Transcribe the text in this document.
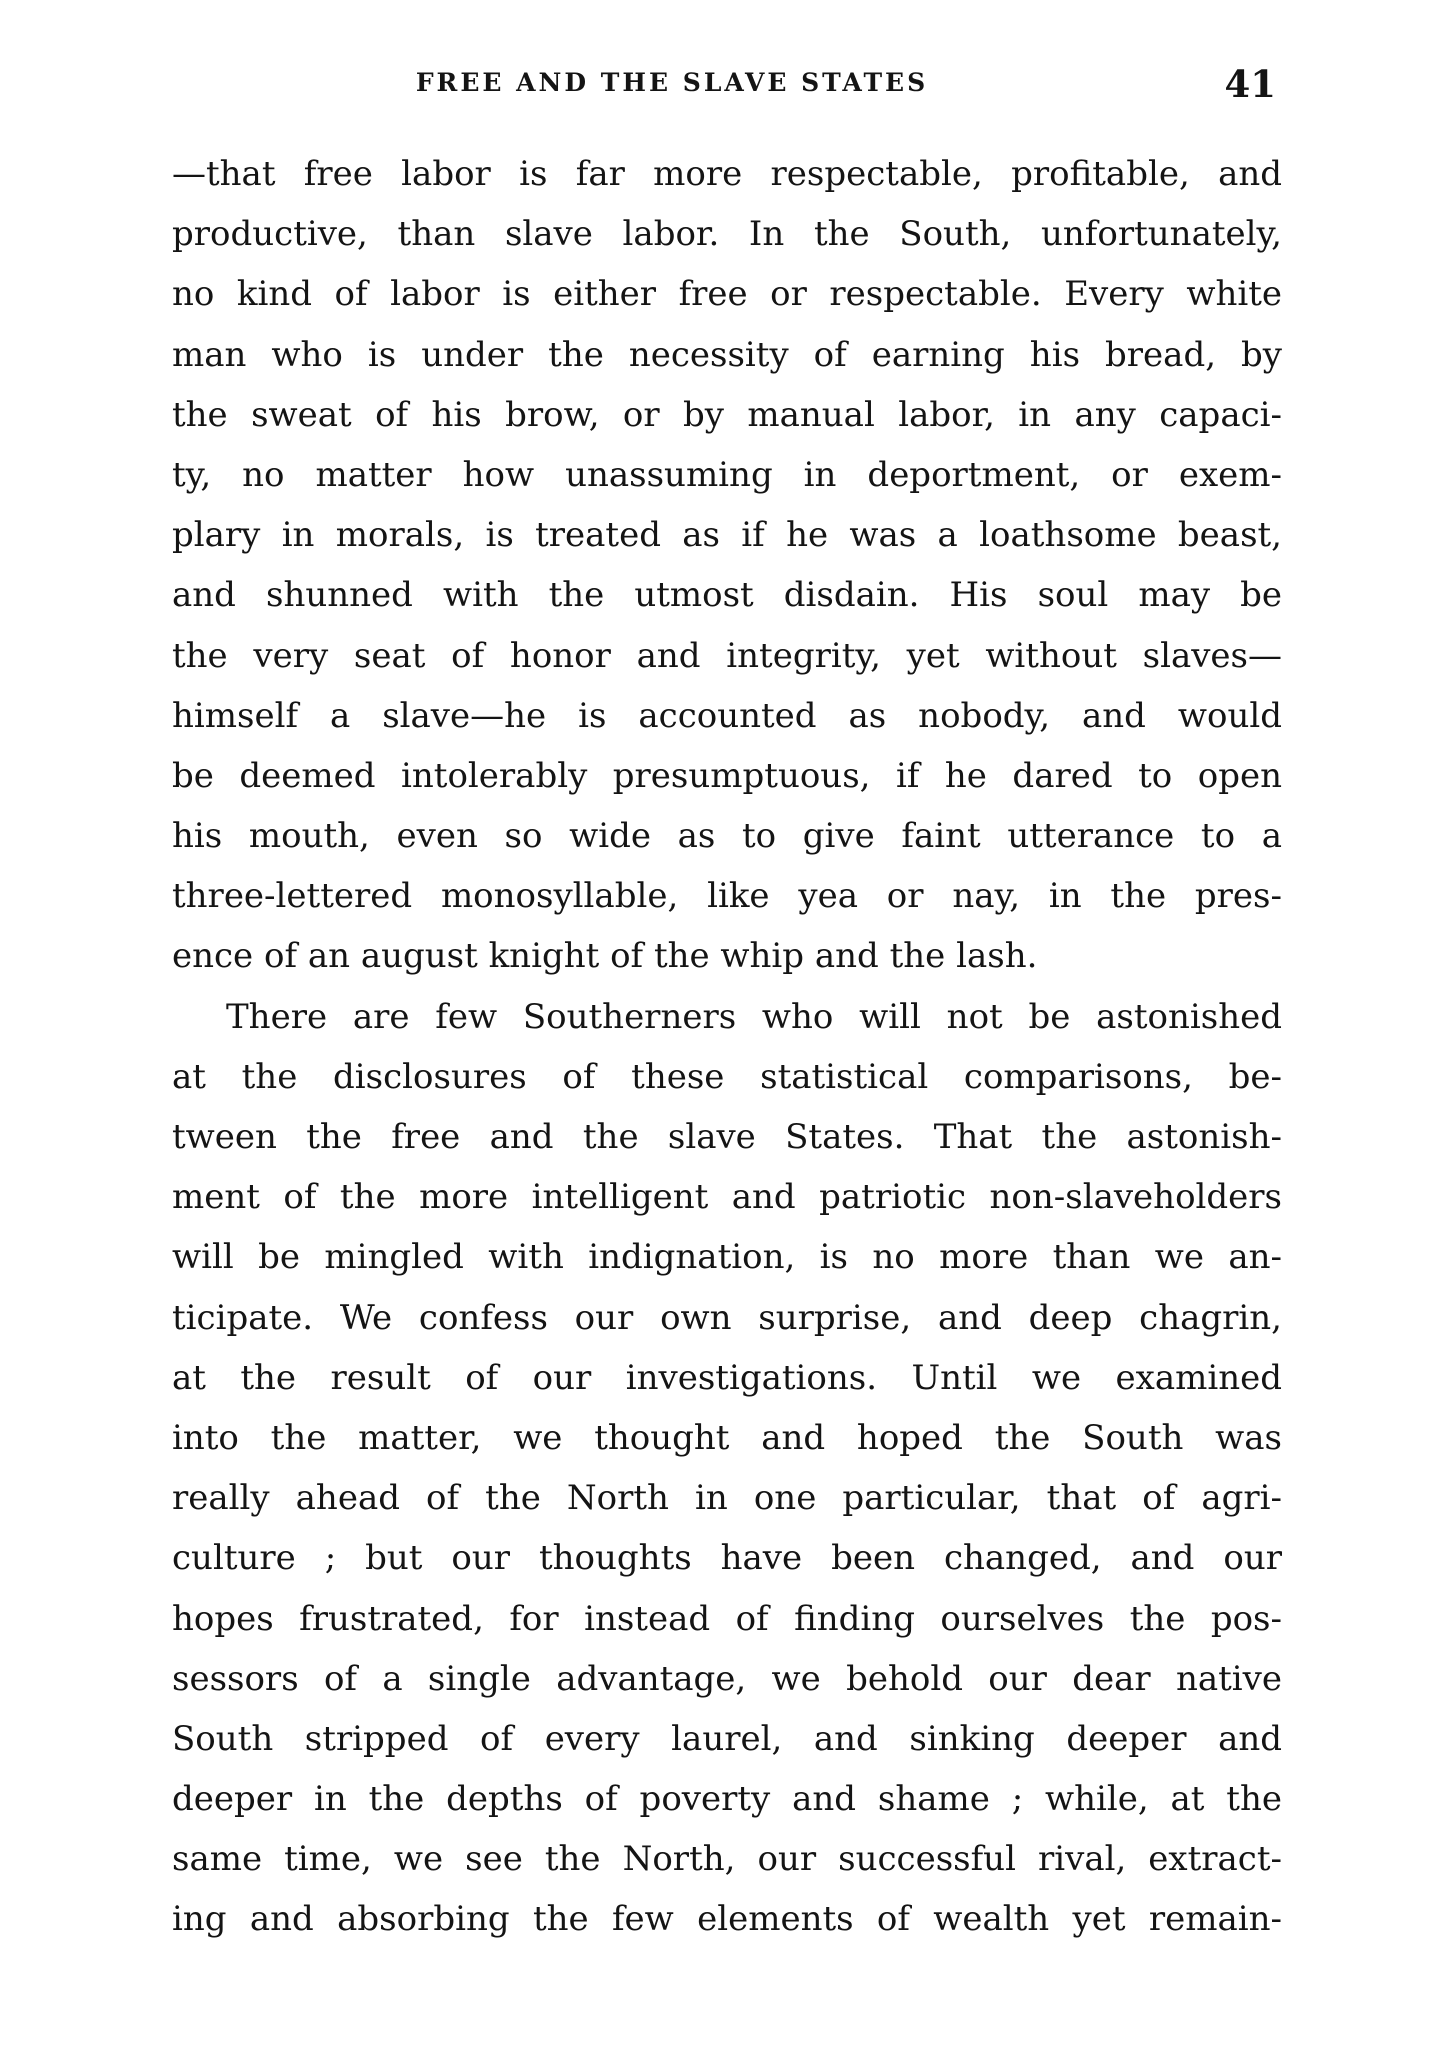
FREE AND THE SLAVE STATES	41
—that free labor is far more respectable, profitable, and
productive, than slave labor. In the South, unfortunately,
no kind of labor is either free or respectable. Every white
man who is under the necessity of earning his bread, by
the sweat of his brow, or by manual labor, in any capaci-
ty, no matter how unassuming in deportment, or exem-
plary in morals, is treated as if he was a loathsome beast,
and shunned with the utmost disdain. His soul may be
the very seat of honor and integrity, yet without slaves—
himself a slave—he is accounted as nobody, and would
be deemed intolerably presumptuous, if he dared to open
his mouth, even so wide as to give faint utterance to a
three-lettered monosyllable, like yea or nay, in the pres-
ence of an august knight of the whip and the lash.
There are few Southerners who will not be astonished
at the disclosures of these statistical comparisons, be-
tween the free and the slave States. That the astonish-
ment of the more intelligent and patriotic non-slaveholders
will be mingled with indignation, is no more than we an-
ticipate. We confess our own surprise, and deep chagrin,
at the result of our investigations. Until we examined
into the matter, we thought and hoped the South was
really ahead of the North in one particular, that of agri-
culture ; but our thoughts have been changed, and our
hopes frustrated, for instead of finding ourselves the pos-
sessors of a single advantage, we behold our dear native
South stripped of every laurel, and sinking deeper and
deeper in the depths of poverty and shame ; while, at the
same time, we see the North, our successful rival, extract-
ing and absorbing the few elements of wealth yet remain-
